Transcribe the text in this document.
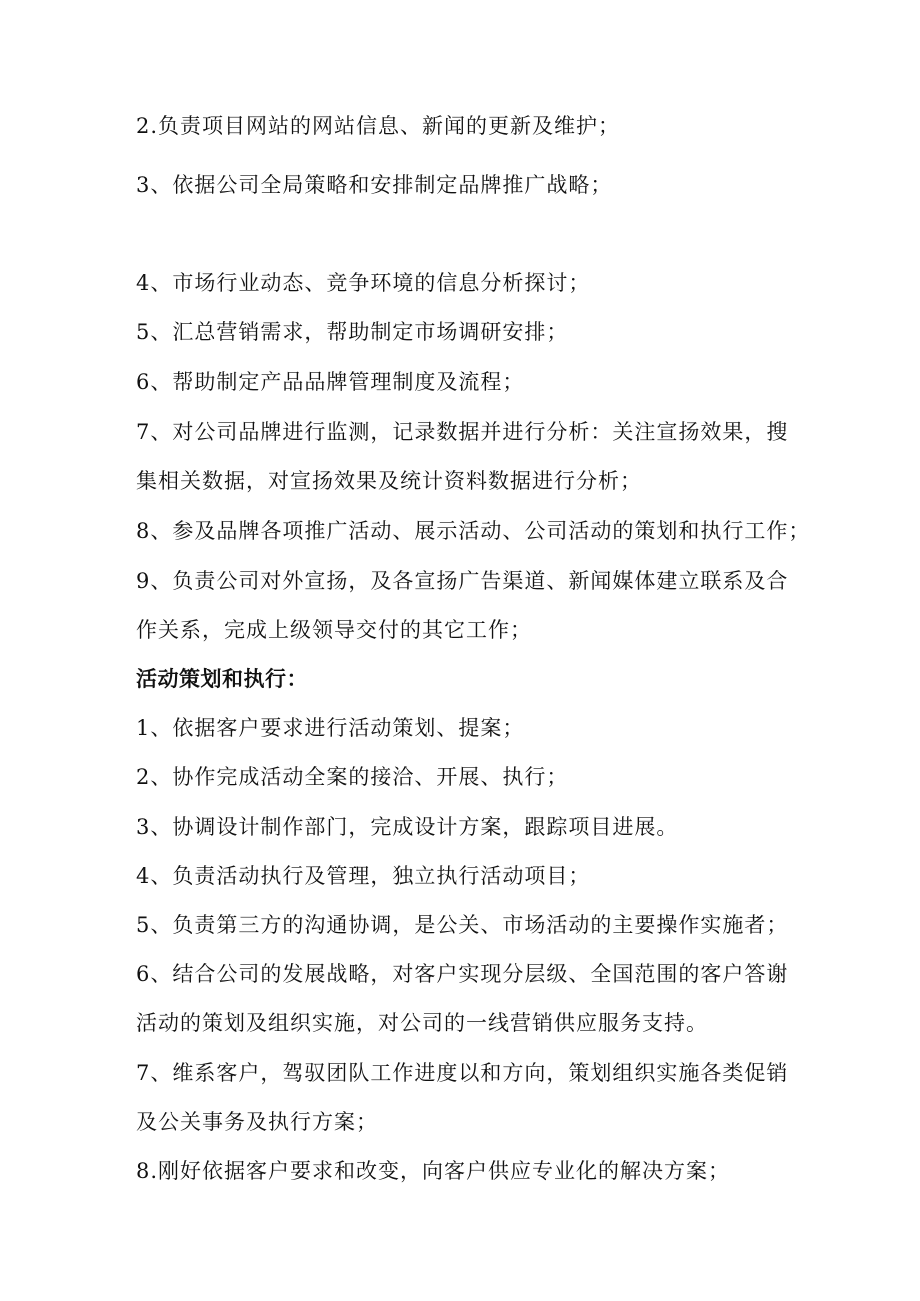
2.负责项目网站的网站信息、新闻的更新及维护；
3、依据公司全局策略和安排制定品牌推广战略；
4、市场行业动态、竞争环境的信息分析探讨；
5、汇总营销需求，帮助制定市场调研安排；
6、帮助制定产品品牌管理制度及流程；
7、对公司品牌进行监测，记录数据并进行分析：关注宣扬效果，搜
集相关数据，对宣扬效果及统计资料数据进行分析；
8、参及品牌各项推广活动、展示活动、公司活动的策划和执行工作；
9、负责公司对外宣扬，及各宣扬广告渠道、新闻媒体建立联系及合
作关系，完成上级领导交付的其它工作；
活动策划和执行：
1、依据客户要求进行活动策划、提案；
2、协作完成活动全案的接洽、开展、执行；
3、协调设计制作部门，完成设计方案，跟踪项目进展。
4、负责活动执行及管理，独立执行活动项目；
5、负责第三方的沟通协调，是公关、市场活动的主要操作实施者；
6、结合公司的发展战略，对客户实现分层级、全国范围的客户答谢
活动的策划及组织实施，对公司的一线营销供应服务支持。
7、维系客户，驾驭团队工作进度以和方向，策划组织实施各类促销
及公关事务及执行方案；
8.刚好依据客户要求和改变，向客户供应专业化的解决方案；
